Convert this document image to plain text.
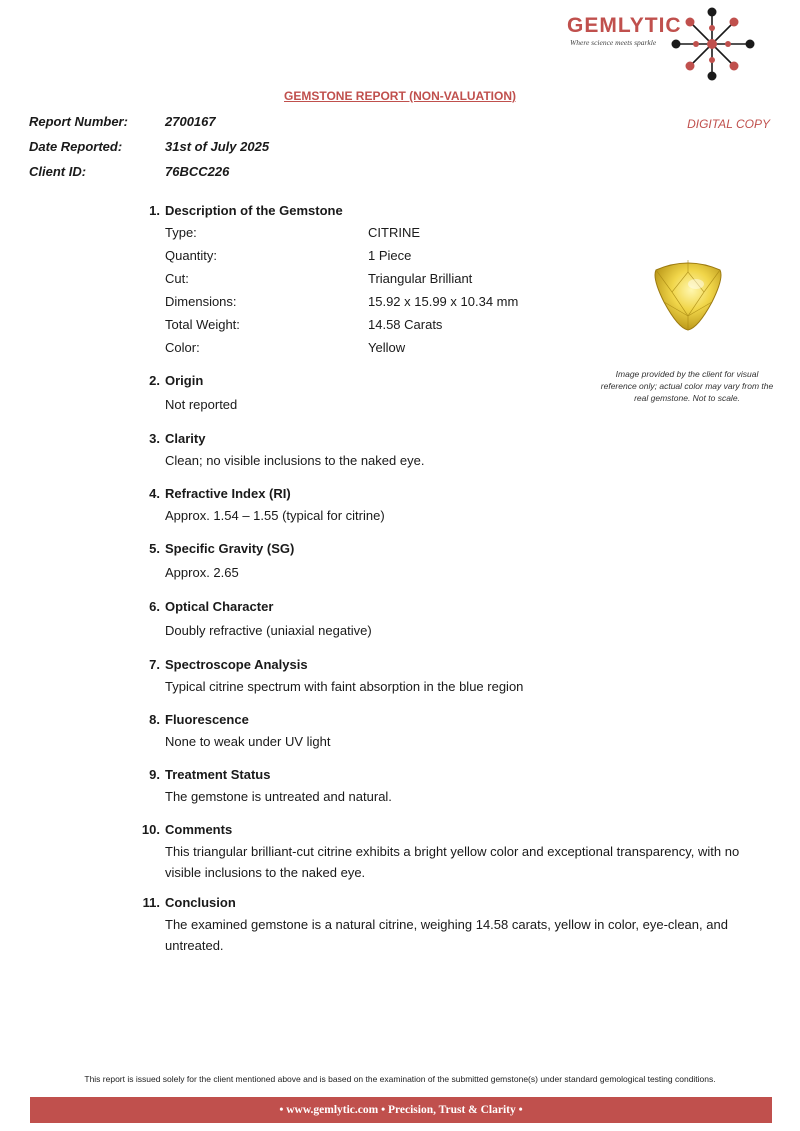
GEMLYTIC
Where science meets sparkle
GEMSTONE REPORT (NON-VALUATION)
DIGITAL COPY
Report Number:	2700167
Date Reported:	31st of July 2025
Client ID:	76BCC226
1. Description of the Gemstone
Type:	CITRINE
Quantity:	1 Piece
Cut:	Triangular Brilliant
Dimensions:	15.92 x 15.99 x 10.34 mm
Total Weight:	14.58 Carats
Color:	Yellow
Image provided by the client for visual reference only; actual color may vary from the real gemstone. Not to scale.
2. Origin
Not reported
3. Clarity
Clean; no visible inclusions to the naked eye.
4. Refractive Index (RI)
Approx. 1.54 – 1.55 (typical for citrine)
5. Specific Gravity (SG)
Approx. 2.65
6. Optical Character
Doubly refractive (uniaxial negative)
7. Spectroscope Analysis
Typical citrine spectrum with faint absorption in the blue region
8. Fluorescence
None to weak under UV light
9. Treatment Status
The gemstone is untreated and natural.
10. Comments
This triangular brilliant-cut citrine exhibits a bright yellow color and exceptional transparency, with no visible inclusions to the naked eye.
11. Conclusion
The examined gemstone is a natural citrine, weighing 14.58 carats, yellow in color, eye-clean, and untreated.
This report is issued solely for the client mentioned above and is based on the examination of the submitted gemstone(s) under standard gemological testing conditions.
• www.gemlytic.com • Precision, Trust & Clarity •
